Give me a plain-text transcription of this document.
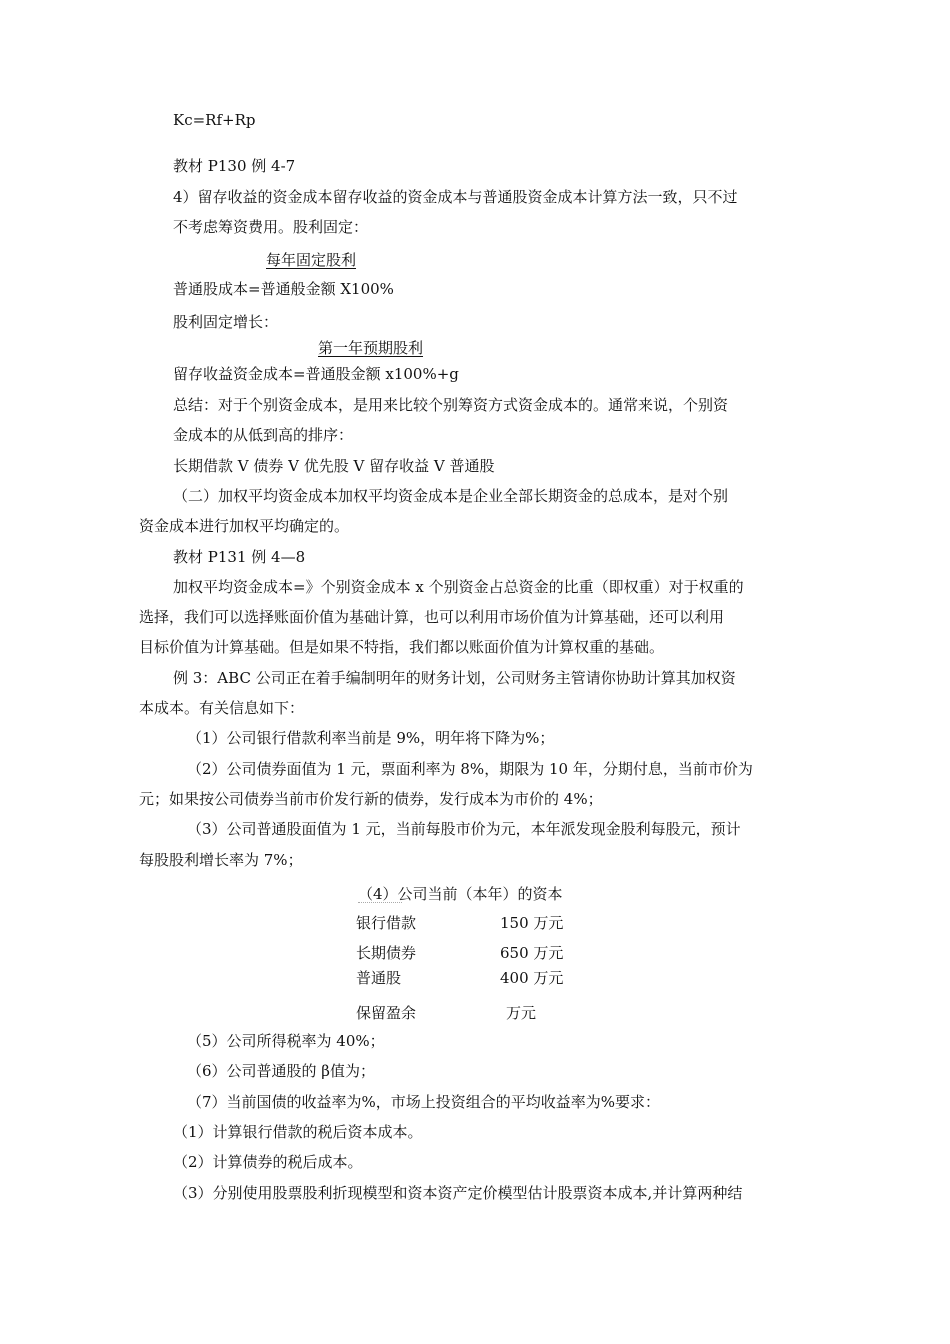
Kc=Rf+Rp
教材 P130 例 4-7
4）留存收益的资金成本留存收益的资金成本与普通股资金成本计算方法一致，只不过
不考虑筹资费用。股利固定：
每年固定股利
普通股成本=普通般金额 X100%
股利固定增长：
第一年预期股利
留存收益资金成本=普通股金额 x100%+g
总结：对于个别资金成本，是用来比较个别筹资方式资金成本的。通常来说，个别资
金成本的从低到高的排序：
长期借款 V 债券 V 优先股 V 留存收益 V 普通股
（二）加权平均资金成本加权平均资金成本是企业全部长期资金的总成本，是对个别
资金成本进行加权平均确定的。
教材 P131 例 4—8
加权平均资金成本=》个别资金成本 x 个别资金占总资金的比重（即权重）对于权重的
选择，我们可以选择账面价值为基础计算，也可以利用市场价值为计算基础，还可以利用
目标价值为计算基础。但是如果不特指，我们都以账面价值为计算权重的基础。
例 3：ABC 公司正在着手编制明年的财务计划，公司财务主管请你协助计算其加权资
本成本。有关信息如下：
（1）公司银行借款利率当前是 9%，明年将下降为%；
（2）公司债券面值为 1 元，票面利率为 8%，期限为 10 年，分期付息，当前市价为
元；如果按公司债券当前市价发行新的债券，发行成本为市价的 4%；
（3）公司普通股面值为 1 元，当前每股市价为元，本年派发现金股利每股元，预计
每股股利增长率为 7%；
（4）公司当前（本年）的资本
银行借款	150 万元
长期债券	650 万元
普通股	400 万元
保留盈余	万元
（5）公司所得税率为 40%；
（6）公司普通股的 β值为；
（7）当前国债的收益率为%，市场上投资组合的平均收益率为%要求：
（1）计算银行借款的税后资本成本。
（2）计算债券的税后成本。
（3）分别使用股票股利折现模型和资本资产定价模型估计股票资本成本,并计算两种结
